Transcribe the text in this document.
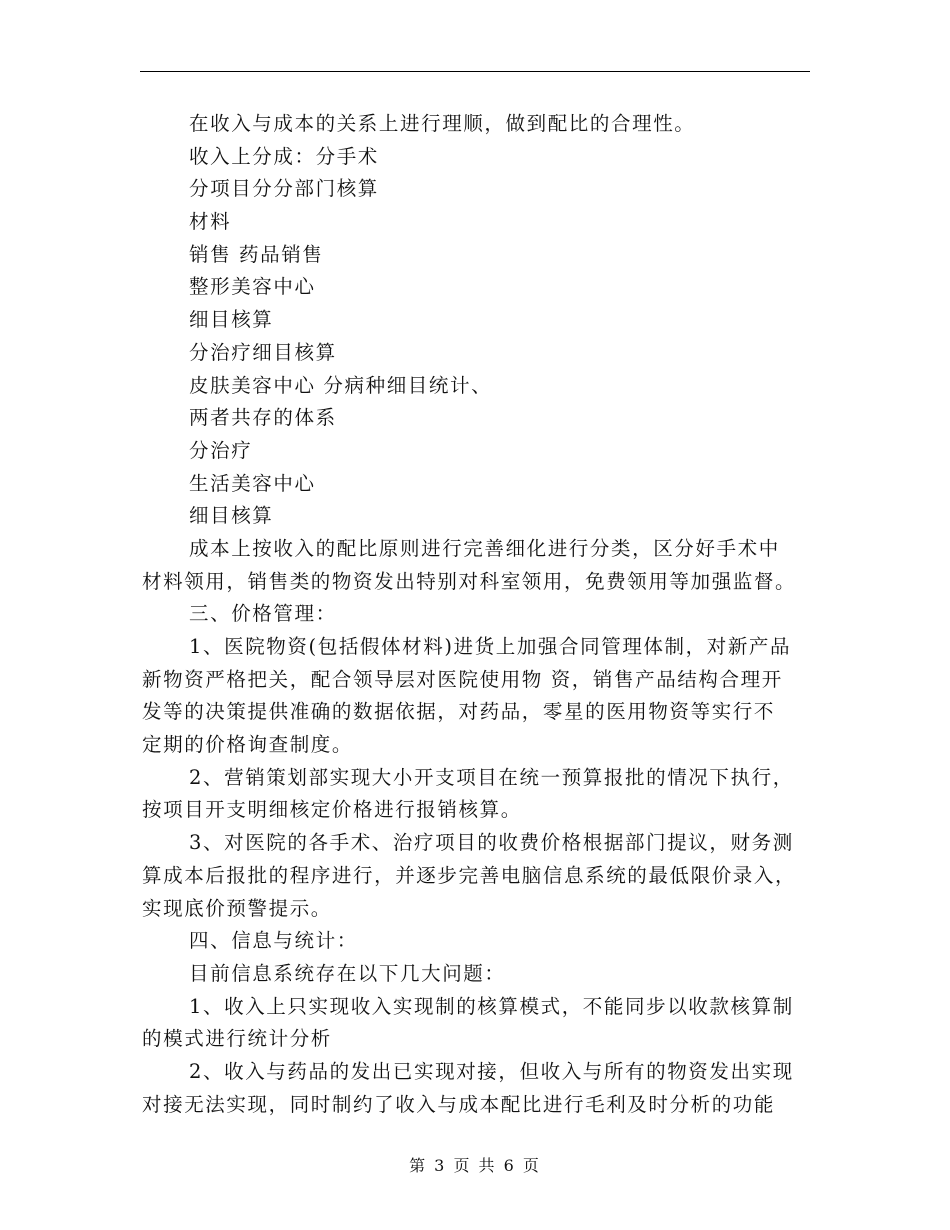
在收入与成本的关系上进行理顺，做到配比的合理性。
收入上分成：分手术
分项目分分部门核算
材料
销售 药品销售
整形美容中心
细目核算
分治疗细目核算
皮肤美容中心 分病种细目统计、
两者共存的体系
分治疗
生活美容中心
细目核算
成本上按收入的配比原则进行完善细化进行分类，区分好手术中
材料领用，销售类的物资发出特别对科室领用，免费领用等加强监督。
三、价格管理：
1、医院物资(包括假体材料)进货上加强合同管理体制，对新产品
新物资严格把关，配合领导层对医院使用物 资，销售产品结构合理开
发等的决策提供准确的数据依据，对药品，零星的医用物资等实行不
定期的价格询查制度。
2、营销策划部实现大小开支项目在统一预算报批的情况下执行，
按项目开支明细核定价格进行报销核算。
3、对医院的各手术、治疗项目的收费价格根据部门提议，财务测
算成本后报批的程序进行，并逐步完善电脑信息系统的最低限价录入，
实现底价预警提示。
四、信息与统计：
目前信息系统存在以下几大问题：
1、收入上只实现收入实现制的核算模式，不能同步以收款核算制
的模式进行统计分析
2、收入与药品的发出已实现对接，但收入与所有的物资发出实现
对接无法实现，同时制约了收入与成本配比进行毛利及时分析的功能
第 3 页 共 6 页
